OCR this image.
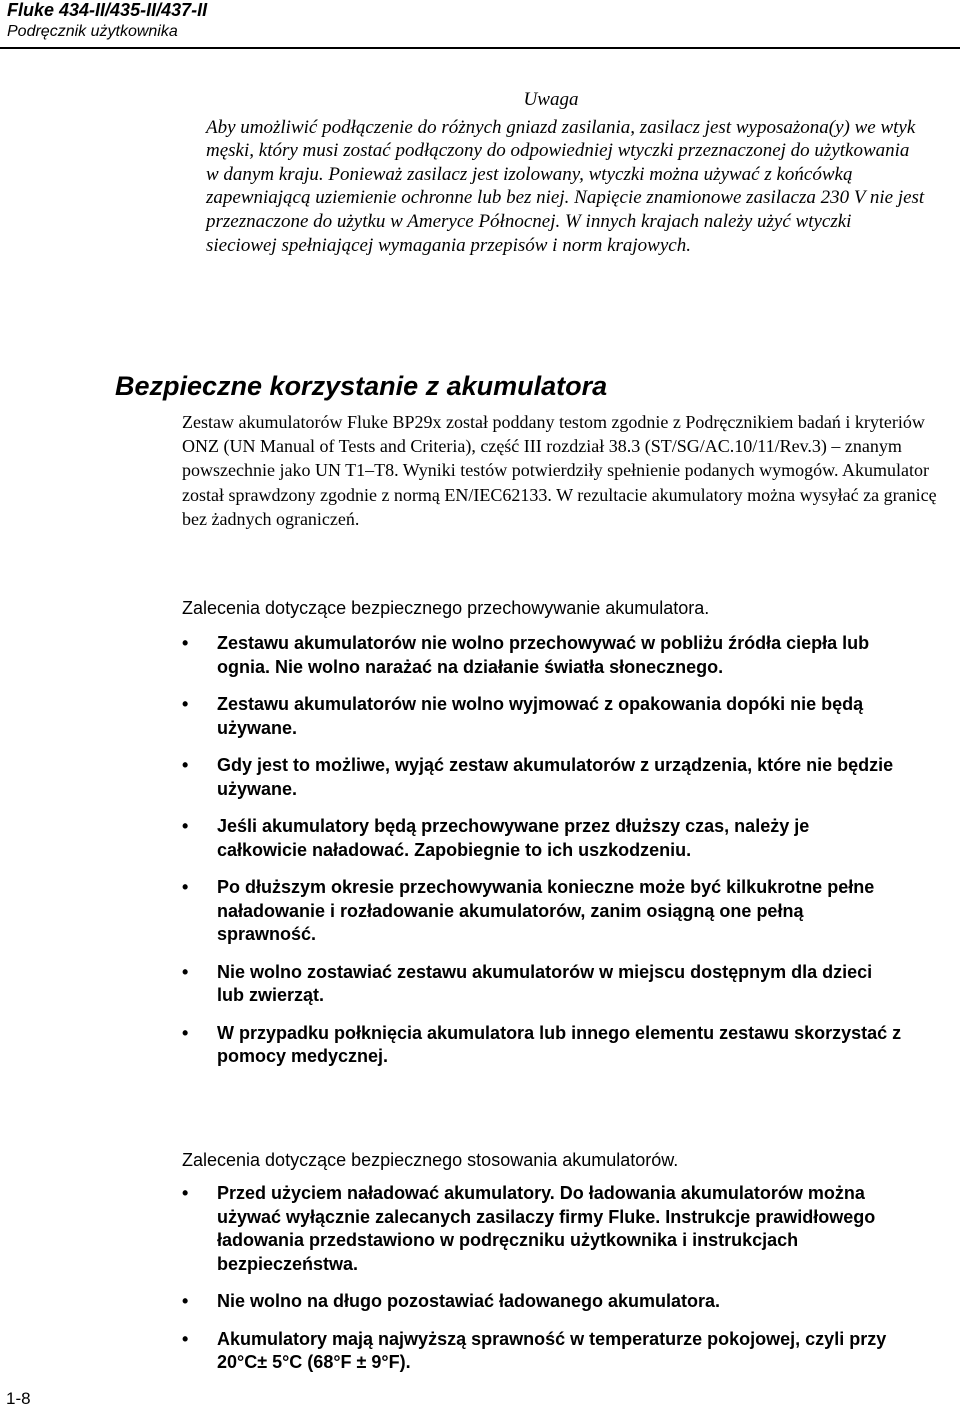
Fluke 434-II/435-II/437-II
Podręcznik użytkownika
Uwaga

Aby umożliwić podłączenie do różnych gniazd zasilania, zasilacz jest wyposażona(y) we wtyk męski, który musi zostać podłączony do odpowiedniej wtyczki przeznaczonej do użytkowania w danym kraju. Ponieważ zasilacz jest izolowany, wtyczki można używać z końcówką zapewniającą uziemienie ochronne lub bez niej. Napięcie znamionowe zasilacza 230 V nie jest przeznaczone do użytku w Ameryce Północnej. W innych krajach należy użyć wtyczki sieciowej spełniającej wymagania przepisów i norm krajowych.

Bezpieczne korzystanie z akumulatora

Zestaw akumulatorów Fluke BP29x został poddany testom zgodnie z Podręcznikiem badań i kryteriów ONZ (UN Manual of Tests and Criteria), część III rozdział 38.3 (ST/SG/AC.10/11/Rev.3) – znanym powszechnie jako UN T1–T8. Wyniki testów potwierdziły spełnienie podanych wymogów. Akumulator został sprawdzony zgodnie z normą EN/IEC62133. W rezultacie akumulatory można wysyłać za granicę bez żadnych ograniczeń.

Zalecenia dotyczące bezpiecznego przechowywanie akumulatora.
• Zestawu akumulatorów nie wolno przechowywać w pobliżu źródła ciepła lub ognia. Nie wolno narażać na działanie światła słonecznego.
• Zestawu akumulatorów nie wolno wyjmować z opakowania dopóki nie będą używane.
• Gdy jest to możliwe, wyjąć zestaw akumulatorów z urządzenia, które nie będzie używane.
• Jeśli akumulatory będą przechowywane przez dłuższy czas, należy je całkowicie naładować. Zapobiegnie to ich uszkodzeniu.
• Po dłuższym okresie przechowywania konieczne może być kilkukrotne pełne naładowanie i rozładowanie akumulatorów, zanim osiągną one pełną sprawność.
• Nie wolno zostawiać zestawu akumulatorów w miejscu dostępnym dla dzieci lub zwierząt.
• W przypadku połknięcia akumulatora lub innego elementu zestawu skorzystać z pomocy medycznej.
Zalecenia dotyczące bezpiecznego stosowania akumulatorów.
• Przed użyciem naładować akumulatory. Do ładowania akumulatorów można używać wyłącznie zalecanych zasilaczy firmy Fluke. Instrukcje prawidłowego ładowania przedstawiono w podręczniku użytkownika i instrukcjach bezpieczeństwa.
• Nie wolno na długo pozostawiać ładowanego akumulatora.
• Akumulatory mają najwyższą sprawność w temperaturze pokojowej, czyli przy 20°C± 5°C (68°F ± 9°F).
1-8
